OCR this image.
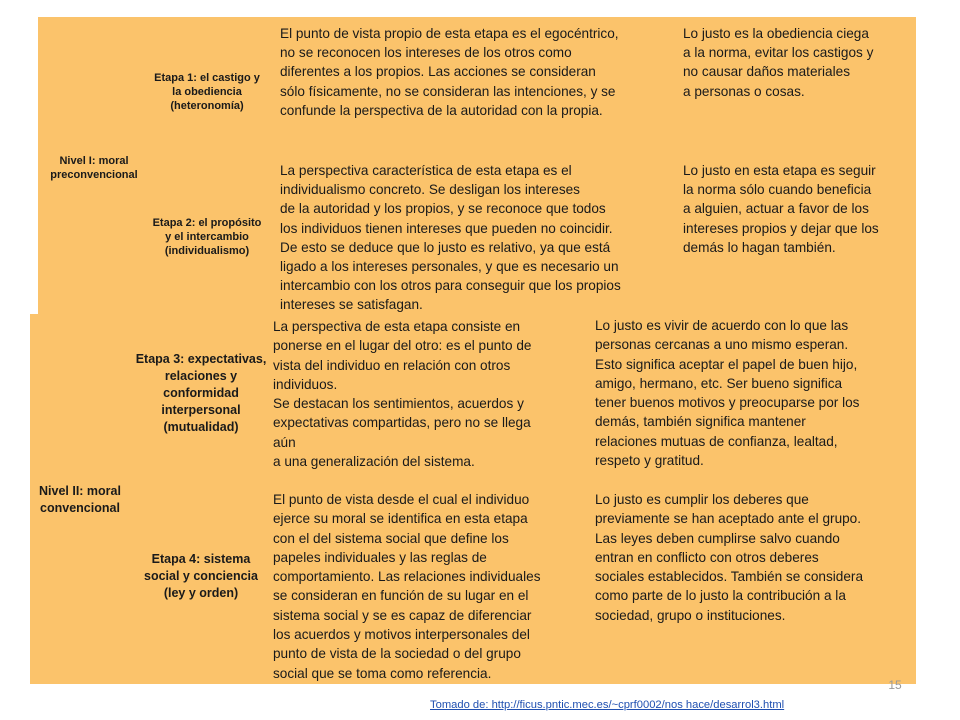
Nivel I: moral preconvencional
Etapa 1: el castigo y la obediencia (heteronomía)
El punto de vista propio de esta etapa es el egocéntrico,
no se reconocen los intereses de los otros como
diferentes a los propios. Las acciones se consideran
sólo físicamente, no se consideran las intenciones, y se
confunde la perspectiva de la autoridad con la propia.
Lo justo es la obediencia ciega
a la norma, evitar los castigos y
no causar daños materiales
a personas o cosas.
Etapa 2: el propósito y el intercambio (individualismo)
La perspectiva característica de esta etapa es el
individualismo concreto. Se desligan los intereses
de la autoridad y los propios, y se reconoce que todos
los individuos tienen intereses que pueden no coincidir.
De esto se deduce que lo justo es relativo, ya que está
ligado a los intereses personales, y que es necesario un
intercambio con los otros para conseguir que los propios
intereses se satisfagan.
Lo justo en esta etapa es seguir
la norma sólo cuando beneficia
a alguien, actuar a favor de los
intereses propios y dejar que los
demás lo hagan también.
Nivel II: moral convencional
Etapa 3: expectativas, relaciones y conformidad interpersonal (mutualidad)
La perspectiva de esta etapa consiste en
ponerse en el lugar del otro: es el punto de
vista del individuo en relación con otros
individuos.
Se destacan los sentimientos, acuerdos y
expectativas compartidas, pero no se llega
aún
a una generalización del sistema.
Lo justo es vivir de acuerdo con lo que las
personas cercanas a uno mismo esperan.
Esto significa aceptar el papel de buen hijo,
amigo, hermano, etc. Ser bueno significa
tener buenos motivos y preocuparse por los
demás, también significa mantener
relaciones mutuas de confianza, lealtad,
respeto y gratitud.
Etapa 4: sistema social y conciencia (ley y orden)
El punto de vista desde el cual el individuo
ejerce su moral se identifica en esta etapa
con el del sistema social que define los
papeles individuales y las reglas de
comportamiento. Las relaciones individuales
se consideran en función de su lugar en el
sistema social y se es capaz de diferenciar
los acuerdos y motivos interpersonales del
punto de vista de la sociedad o del grupo
social que se toma como referencia.
Lo justo es cumplir los deberes que
previamente se han aceptado ante el grupo.
Las leyes deben cumplirse salvo cuando
entran en conflicto con otros deberes
sociales establecidos. También se considera
como parte de lo justo la contribución a la
sociedad, grupo o instituciones.
15
Tomado de: http://ficus.pntic.mec.es/~cprf0002/nos hace/desarrol3.html
